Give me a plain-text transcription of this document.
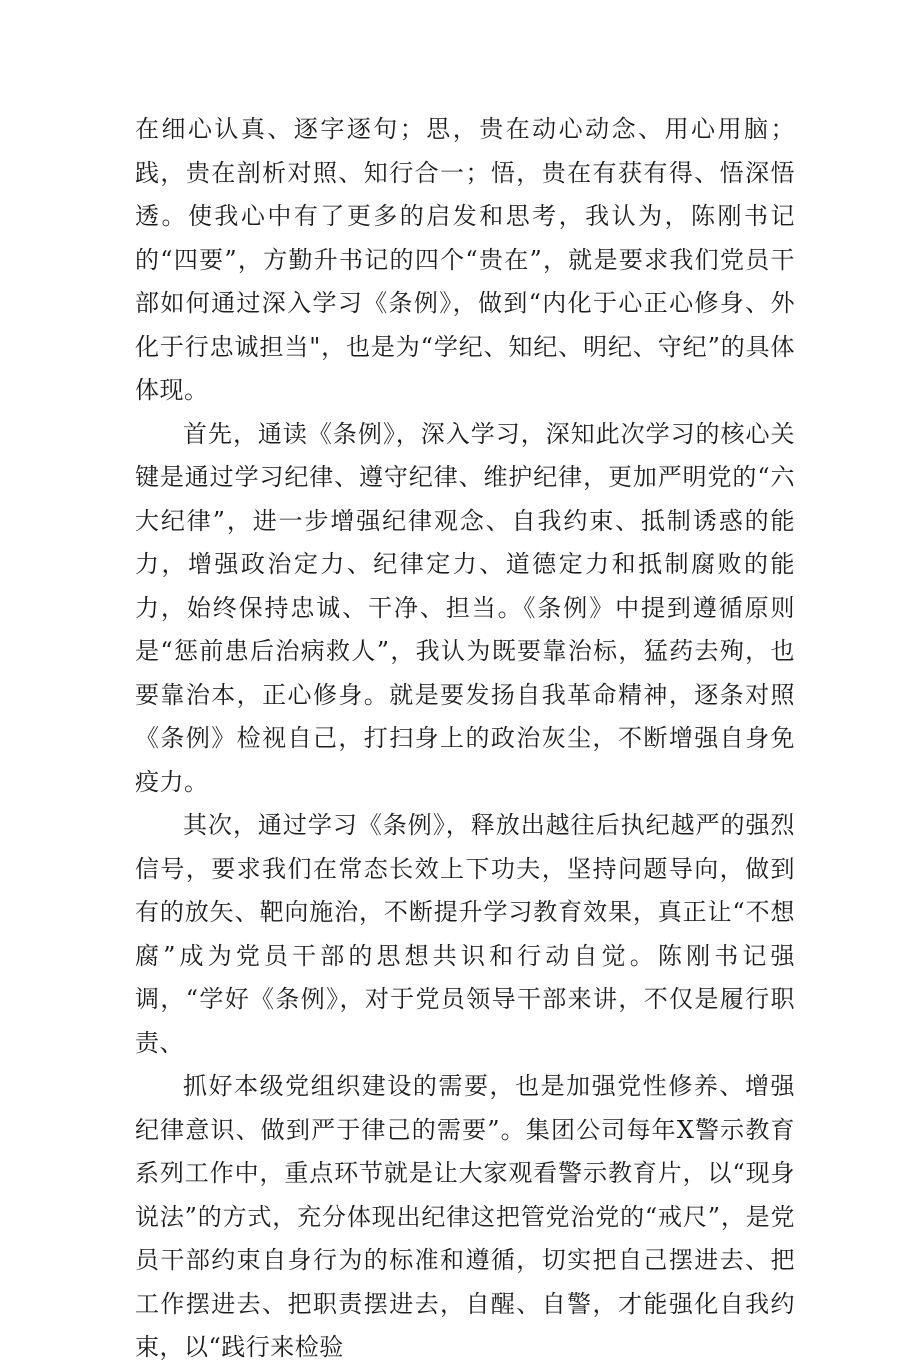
在细心认真、逐字逐句；思，贵在动心动念、用心用脑；践，贵在剖析对照、知行合一；悟，贵在有获有得、悟深悟透。使我心中有了更多的启发和思考，我认为，陈刚书记的“四要”，方勤升书记的四个“贵在”，就是要求我们党员干部如何通过深入学习《条例》，做到“内化于心正心修身、外化于行忠诚担当"，也是为“学纪、知纪、明纪、守纪”的具体体现。

首先，通读《条例》，深入学习，深知此次学习的核心关键是通过学习纪律、遵守纪律、维护纪律，更加严明党的“六大纪律”，进一步增强纪律观念、自我约束、抵制诱惑的能力，增强政治定力、纪律定力、道德定力和抵制腐败的能力，始终保持忠诚、干净、担当。《条例》中提到遵循原则是“惩前患后治病救人”，我认为既要靠治标，猛药去殉，也要靠治本，正心修身。就是要发扬自我革命精神，逐条对照《条例》检视自己，打扫身上的政治灰尘，不断增强自身免疫力。

其次，通过学习《条例》，释放出越往后执纪越严的强烈信号，要求我们在常态长效上下功夫，坚持问题导向，做到有的放矢、靶向施治，不断提升学习教育效果，真正让“不想腐”成为党员干部的思想共识和行动自觉。陈刚书记强调，“学好《条例》，对于党员领导干部来讲，不仅是履行职责、

抓好本级党组织建设的需要，也是加强党性修养、增强纪律意识、做到严于律己的需要”。集团公司每年X警示教育系列工作中，重点环节就是让大家观看警示教育片，以“现身说法”的方式，充分体现出纪律这把管党治党的“戒尺”，是党员干部约束自身行为的标准和遵循，切实把自己摆进去、把工作摆进去、把职责摆进去，自醒、自警，才能强化自我约束，以“践行来检验
